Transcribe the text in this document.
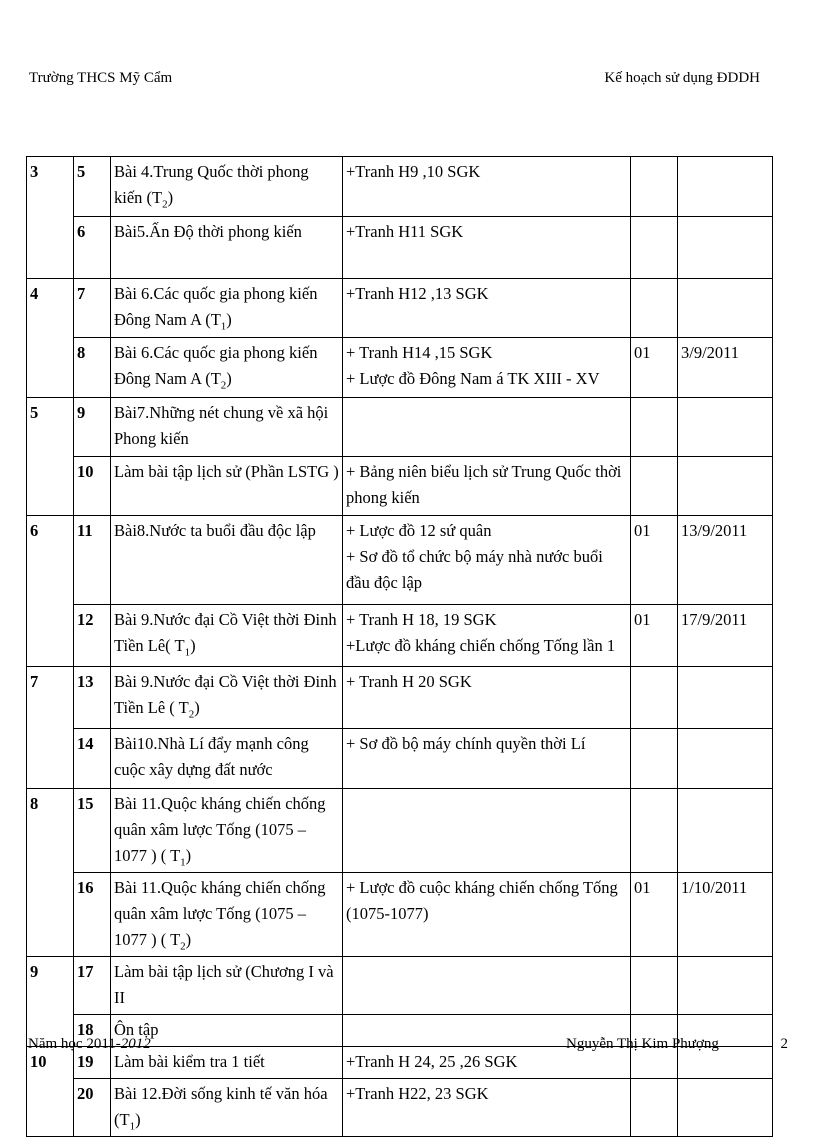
Trường THCS Mỹ Cẩm	Kế hoạch sử dụng ĐDDH
3	5	Bài 4.Trung Quốc thời phong kiến $(T_2)$	+Tranh H9 ,10 SGK		

	6	Bài5.Ấn Độ thời phong kiến	+Tranh H11 SGK		

4	7	Bài 6.Các quốc gia phong kiến Đông Nam A $(T_1)$	+Tranh H12 ,13 SGK		

	8	Bài 6.Các quốc gia phong kiến Đông Nam A $(T_2)$	+ Tranh H14 ,15 SGK
+ Lược đồ Đông Nam á TK XIII - XV	01	3/9/2011
5	9	Bài7.Những nét chung về xã hội Phong kiến			
	10	Làm bài tập lịch sử (Phần LSTG )	+ Bảng niên biểu lịch sử Trung Quốc thời phong kiến		

6	11	Bài8.Nước ta buổi đầu độc lập	+ Lược đồ 12 sứ quân
+ Sơ đồ tổ chức bộ máy nhà nước buổi đầu độc lập	01	13/9/2011
	12	Bài 9.Nước đại Cồ Việt thời Đinh Tiền Lê( $T_1$)	+ Tranh H 18, 19 SGK
+Lược đồ kháng chiến chống Tống lần 1	01	17/9/2011
7	13	Bài 9.Nước đại Cồ Việt thời Đinh Tiền Lê ( $T_2$)	+ Tranh H 20 SGK		

	14	Bài10.Nhà Lí đẩy mạnh công cuộc xây dựng đất nước	+ Sơ đồ bộ máy chính quyền thời Lí		

8	15	Bài 11.Quộc kháng chiến chống quân xâm lược Tống (1075 – 1077 ) ( $T_1$)			
	16	Bài 11.Quộc kháng chiến chống quân xâm lược Tống (1075 – 1077 ) ( $T_2$)	+ Lược đồ cuộc kháng chiến chống Tống (1075-1077)	01	1/10/2011
9	17	Làm bài tập lịch sử (Chương I và II			
	18	Ôn tập			
10	19	Làm bài kiểm tra 1 tiết	+Tranh H 24, 25 ,26 SGK		

	20	Bài 12.Đời sống kinh tế văn hóa $(T_1)$	+Tranh H22, 23 SGK		

Năm học 2011-2012	Nguyễn Thị Kim Phượng	2
